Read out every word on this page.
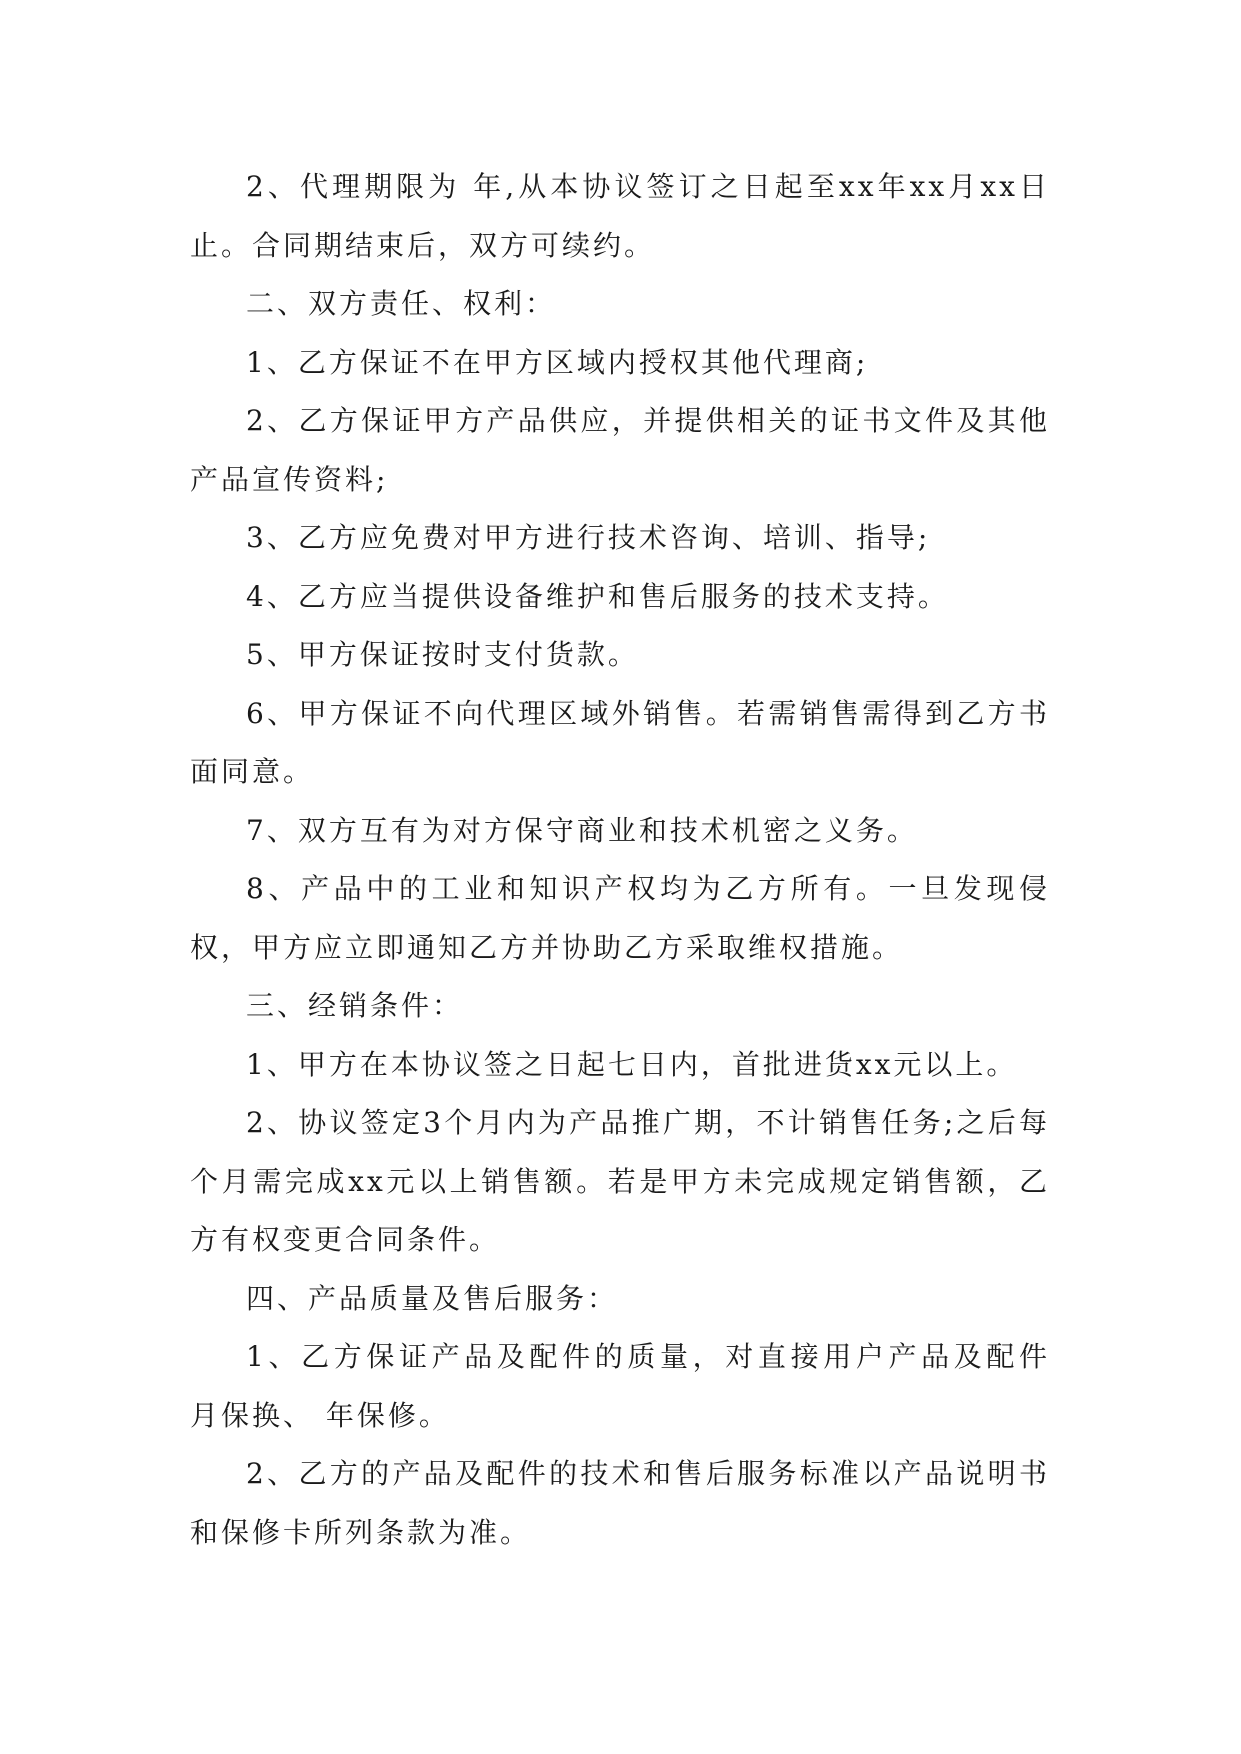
2、代理期限为 年,从本协议签订之日起至xx年xx月xx日止。合同期结束后，双方可续约。

二、双方责任、权利：

1、乙方保证不在甲方区域内授权其他代理商;

2、乙方保证甲方产品供应，并提供相关的证书文件及其他产品宣传资料;

3、乙方应免费对甲方进行技术咨询、培训、指导;

4、乙方应当提供设备维护和售后服务的技术支持。

5、甲方保证按时支付货款。

6、甲方保证不向代理区域外销售。若需销售需得到乙方书面同意。

7、双方互有为对方保守商业和技术机密之义务。

8、产品中的工业和知识产权均为乙方所有。一旦发现侵权，甲方应立即通知乙方并协助乙方采取维权措施。

三、经销条件：

1、甲方在本协议签之日起七日内，首批进货xx元以上。

2、协议签定3个月内为产品推广期，不计销售任务;之后每个月需完成xx元以上销售额。若是甲方未完成规定销售额，乙方有权变更合同条件。

四、产品质量及售后服务：

1、乙方保证产品及配件的质量，对直接用户产品及配件 月保换、 年保修。

2、乙方的产品及配件的技术和售后服务标准以产品说明书和保修卡所列条款为准。
